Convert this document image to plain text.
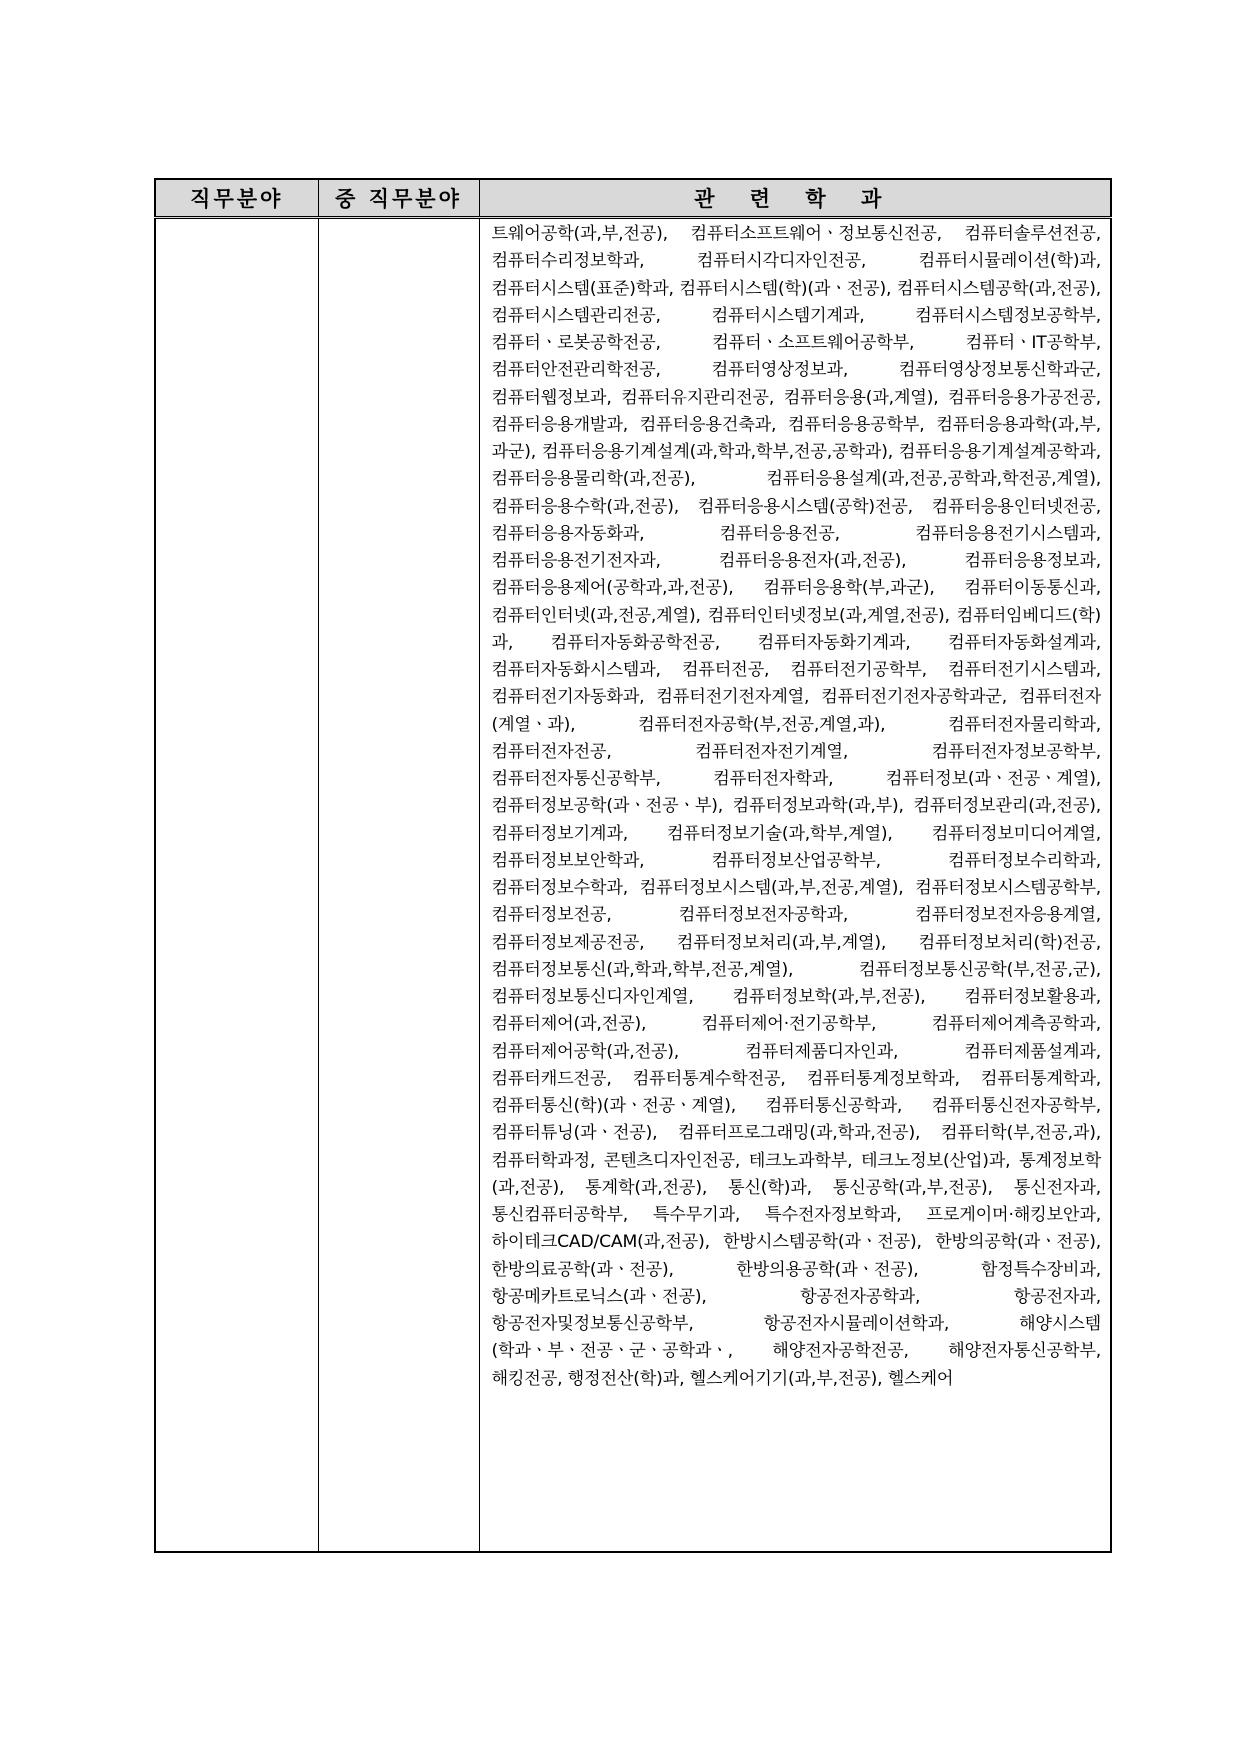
직무분야	중 직무분야	관 련 학 과

		트웨어공학(과,부,전공), 컴퓨터소프트웨어ㆍ정보통신전공, 컴퓨터솔루션전공, 컴퓨터수리정보학과, 컴퓨터시각디자인전공, 컴퓨터시뮬레이션(학)과, 컴퓨터시스템(표준)학과, 컴퓨터시스템(학)(과ㆍ전공), 컴퓨터시스템공학(과,전공), 컴퓨터시스템관리전공, 컴퓨터시스템기계과, 컴퓨터시스템정보공학부, 컴퓨터ㆍ로봇공학전공, 컴퓨터ㆍ소프트웨어공학부, 컴퓨터ㆍIT공학부, 컴퓨터안전관리학전공, 컴퓨터영상정보과, 컴퓨터영상정보통신학과군, 컴퓨터웹정보과, 컴퓨터유지관리전공, 컴퓨터응용(과,계열), 컴퓨터응용가공전공, 컴퓨터응용개발과, 컴퓨터응용건축과, 컴퓨터응용공학부, 컴퓨터응용과학(과,부,과군), 컴퓨터응용기계설계(과,학과,학부,전공,공학과), 컴퓨터응용기계설계공학과, 컴퓨터응용물리학(과,전공), 컴퓨터응용설계(과,전공,공학과,학전공,계열), 컴퓨터응용수학(과,전공), 컴퓨터응용시스템(공학)전공, 컴퓨터응용인터넷전공, 컴퓨터응용자동화과, 컴퓨터응용전공, 컴퓨터응용전기시스템과, 컴퓨터응용전기전자과, 컴퓨터응용전자(과,전공), 컴퓨터응용정보과, 컴퓨터응용제어(공학과,과,전공), 컴퓨터응용학(부,과군), 컴퓨터이동통신과, 컴퓨터인터넷(과,전공,계열), 컴퓨터인터넷정보(과,계열,전공), 컴퓨터임베디드(학)과, 컴퓨터자동화공학전공, 컴퓨터자동화기계과, 컴퓨터자동화설계과, 컴퓨터자동화시스템과, 컴퓨터전공, 컴퓨터전기공학부, 컴퓨터전기시스템과, 컴퓨터전기자동화과, 컴퓨터전기전자계열, 컴퓨터전기전자공학과군, 컴퓨터전자(계열ㆍ과), 컴퓨터전자공학(부,전공,계열,과), 컴퓨터전자물리학과, 컴퓨터전자전공, 컴퓨터전자전기계열, 컴퓨터전자정보공학부, 컴퓨터전자통신공학부, 컴퓨터전자학과, 컴퓨터정보(과ㆍ전공ㆍ계열), 컴퓨터정보공학(과ㆍ전공ㆍ부), 컴퓨터정보과학(과,부), 컴퓨터정보관리(과,전공), 컴퓨터정보기계과, 컴퓨터정보기술(과,학부,계열), 컴퓨터정보미디어계열, 컴퓨터정보보안학과, 컴퓨터정보산업공학부, 컴퓨터정보수리학과, 컴퓨터정보수학과, 컴퓨터정보시스템(과,부,전공,계열), 컴퓨터정보시스템공학부, 컴퓨터정보전공, 컴퓨터정보전자공학과, 컴퓨터정보전자응용계열, 컴퓨터정보제공전공, 컴퓨터정보처리(과,부,계열), 컴퓨터정보처리(학)전공, 컴퓨터정보통신(과,학과,학부,전공,계열), 컴퓨터정보통신공학(부,전공,군), 컴퓨터정보통신디자인계열, 컴퓨터정보학(과,부,전공), 컴퓨터정보활용과, 컴퓨터제어(과,전공), 컴퓨터제어·전기공학부, 컴퓨터제어계측공학과, 컴퓨터제어공학(과,전공), 컴퓨터제품디자인과, 컴퓨터제품설계과, 컴퓨터캐드전공, 컴퓨터통계수학전공, 컴퓨터통계정보학과, 컴퓨터통계학과, 컴퓨터통신(학)(과ㆍ전공ㆍ계열), 컴퓨터통신공학과, 컴퓨터통신전자공학부, 컴퓨터튜닝(과ㆍ전공), 컴퓨터프로그래밍(과,학과,전공), 컴퓨터학(부,전공,과), 컴퓨터학과정, 콘텐츠디자인전공, 테크노과학부, 테크노정보(산업)과, 통계정보학(과,전공), 통계학(과,전공), 통신(학)과, 통신공학(과,부,전공), 통신전자과, 통신컴퓨터공학부, 특수무기과, 특수전자정보학과, 프로게이머·해킹보안과, 하이테크CAD/CAM(과,전공), 한방시스템공학(과ㆍ전공), 한방의공학(과ㆍ전공), 한방의료공학(과ㆍ전공), 한방의용공학(과ㆍ전공), 함정특수장비과, 항공메카트로닉스(과ㆍ전공), 항공전자공학과, 항공전자과, 항공전자및정보통신공학부, 항공전자시뮬레이션학과, 해양시스템(학과ㆍ부ㆍ전공ㆍ군ㆍ공학과ㆍ, 해양전자공학전공, 해양전자통신공학부, 해킹전공, 행정전산(학)과, 헬스케어기기(과,부,전공), 헬스케어
